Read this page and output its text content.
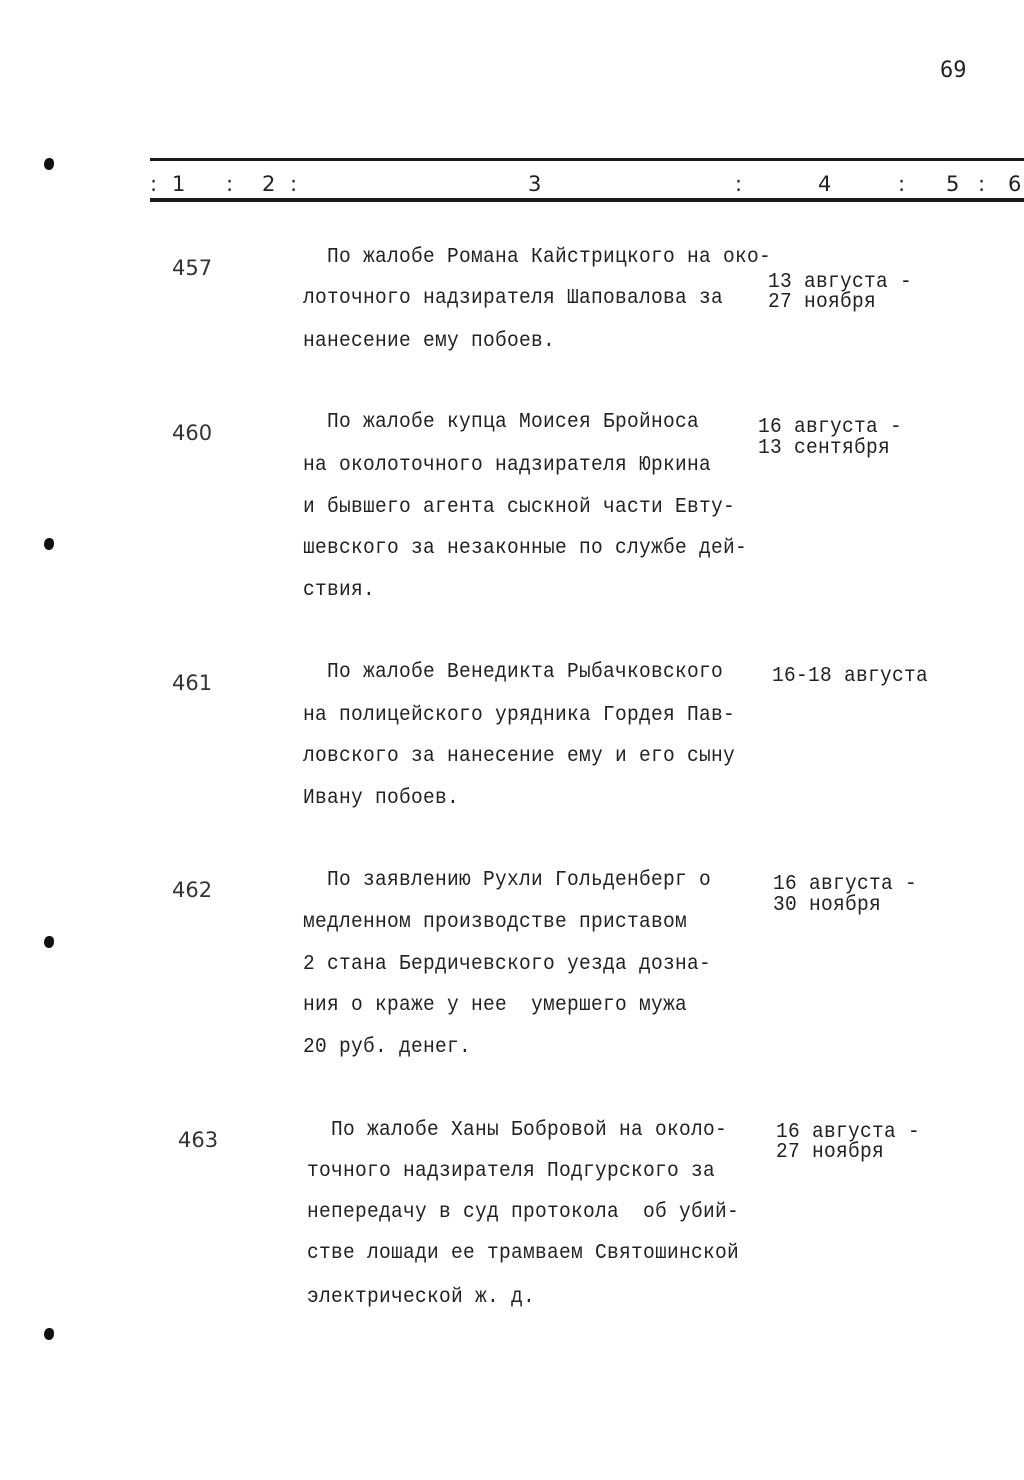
69
: 1 : 2 :	3	:	4	: 5 : 6
457	По жалобе Романа Кайстрицкого на око-
лоточного надзирателя Шаповалова за
нанесение ему побоев.
13 августа -
27 ноября
460	По жалобе купца Моисея Бройноса
на околоточного надзирателя Юркина
и бывшего агента сыскной части Евту-
шевского за незаконные по службе дей-
ствия.
16 августа -
13 сентября
461	По жалобе Венедикта Рыбачковского
на полицейского урядника Гордея Пав-
ловского за нанесение ему и его сыну
Ивану побоев.
16-18 августа
462	По заявлению Рухли Гольденберг о
медленном производстве приставом
2 стана Бердичевского уезда дозна-
ния о краже у нее  умершего мужа
20 руб. денег.
16 августа -
30 ноября
463	По жалобе Ханы Бобровой на около-
точного надзирателя Подгурского за
непередачу в суд протокола  об убий-
стве лошади ее трамваем Святошинской
электрической ж. д.
16 августа -
27 ноября
